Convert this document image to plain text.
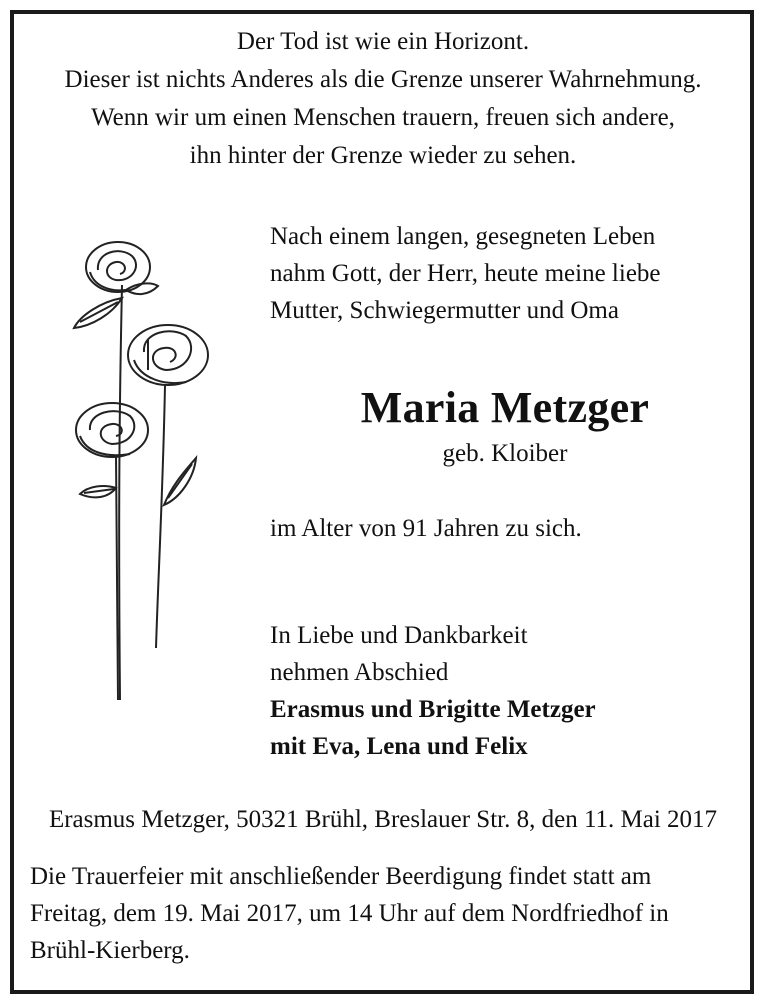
Der Tod ist wie ein Horizont.
Dieser ist nichts Anderes als die Grenze unserer Wahrnehmung.
Wenn wir um einen Menschen trauern, freuen sich andere,
ihn hinter der Grenze wieder zu sehen.
Nach einem langen, gesegneten Leben
nahm Gott, der Herr, heute meine liebe
Mutter, Schwiegermutter und Oma
Maria Metzger
geb. Kloiber
im Alter von 91 Jahren zu sich.
In Liebe und Dankbarkeit
nehmen Abschied
Erasmus und Brigitte Metzger
mit Eva, Lena und Felix
Erasmus Metzger, 50321 Brühl, Breslauer Str. 8, den 11. Mai 2017
Die Trauerfeier mit anschließender Beerdigung findet statt am
Freitag, dem 19. Mai 2017, um 14 Uhr auf dem Nordfriedhof in
Brühl-Kierberg.
